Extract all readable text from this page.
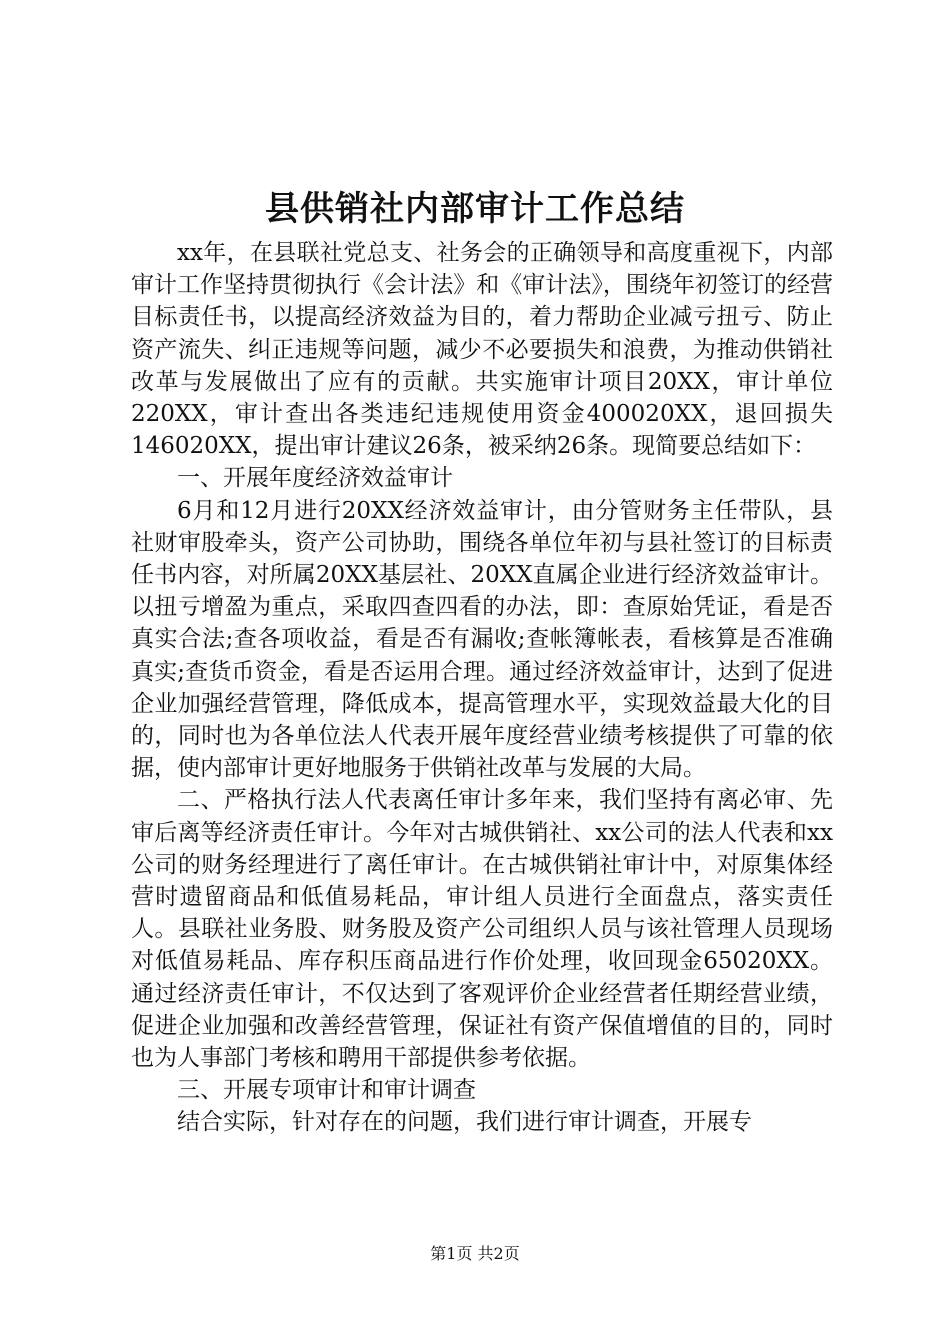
县供销社内部审计工作总结

xx年，在县联社党总支、社务会的正确领导和高度重视下，内部审计工作坚持贯彻执行《会计法》和《审计法》，围绕年初签订的经营目标责任书，以提高经济效益为目的，着力帮助企业减亏扭亏、防止资产流失、纠正违规等问题，减少不必要损失和浪费，为推动供销社改革与发展做出了应有的贡献。共实施审计项目20XX，审计单位220XX，审计查出各类违纪违规使用资金400020XX，退回损失146020XX，提出审计建议26条，被采纳26条。现简要总结如下：

一、开展年度经济效益审计

6月和12月进行20XX经济效益审计，由分管财务主任带队，县社财审股牵头，资产公司协助，围绕各单位年初与县社签订的目标责任书内容，对所属20XX基层社、20XX直属企业进行经济效益审计。以扭亏增盈为重点，采取四查四看的办法，即：查原始凭证，看是否真实合法;查各项收益，看是否有漏收;查帐簿帐表，看核算是否准确真实;查货币资金，看是否运用合理。通过经济效益审计，达到了促进企业加强经营管理，降低成本，提高管理水平，实现效益最大化的目的，同时也为各单位法人代表开展年度经营业绩考核提供了可靠的依据，使内部审计更好地服务于供销社改革与发展的大局。

二、严格执行法人代表离任审计多年来，我们坚持有离必审、先审后离等经济责任审计。今年对古城供销社、xx公司的法人代表和xx公司的财务经理进行了离任审计。在古城供销社审计中，对原集体经营时遗留商品和低值易耗品，审计组人员进行全面盘点，落实责任人。县联社业务股、财务股及资产公司组织人员与该社管理人员现场对低值易耗品、库存积压商品进行作价处理，收回现金65020XX。通过经济责任审计，不仅达到了客观评价企业经营者任期经营业绩，促进企业加强和改善经营管理，保证社有资产保值增值的目的，同时也为人事部门考核和聘用干部提供参考依据。

三、开展专项审计和审计调查

结合实际，针对存在的问题，我们进行审计调查，开展专

第1页 共2页
